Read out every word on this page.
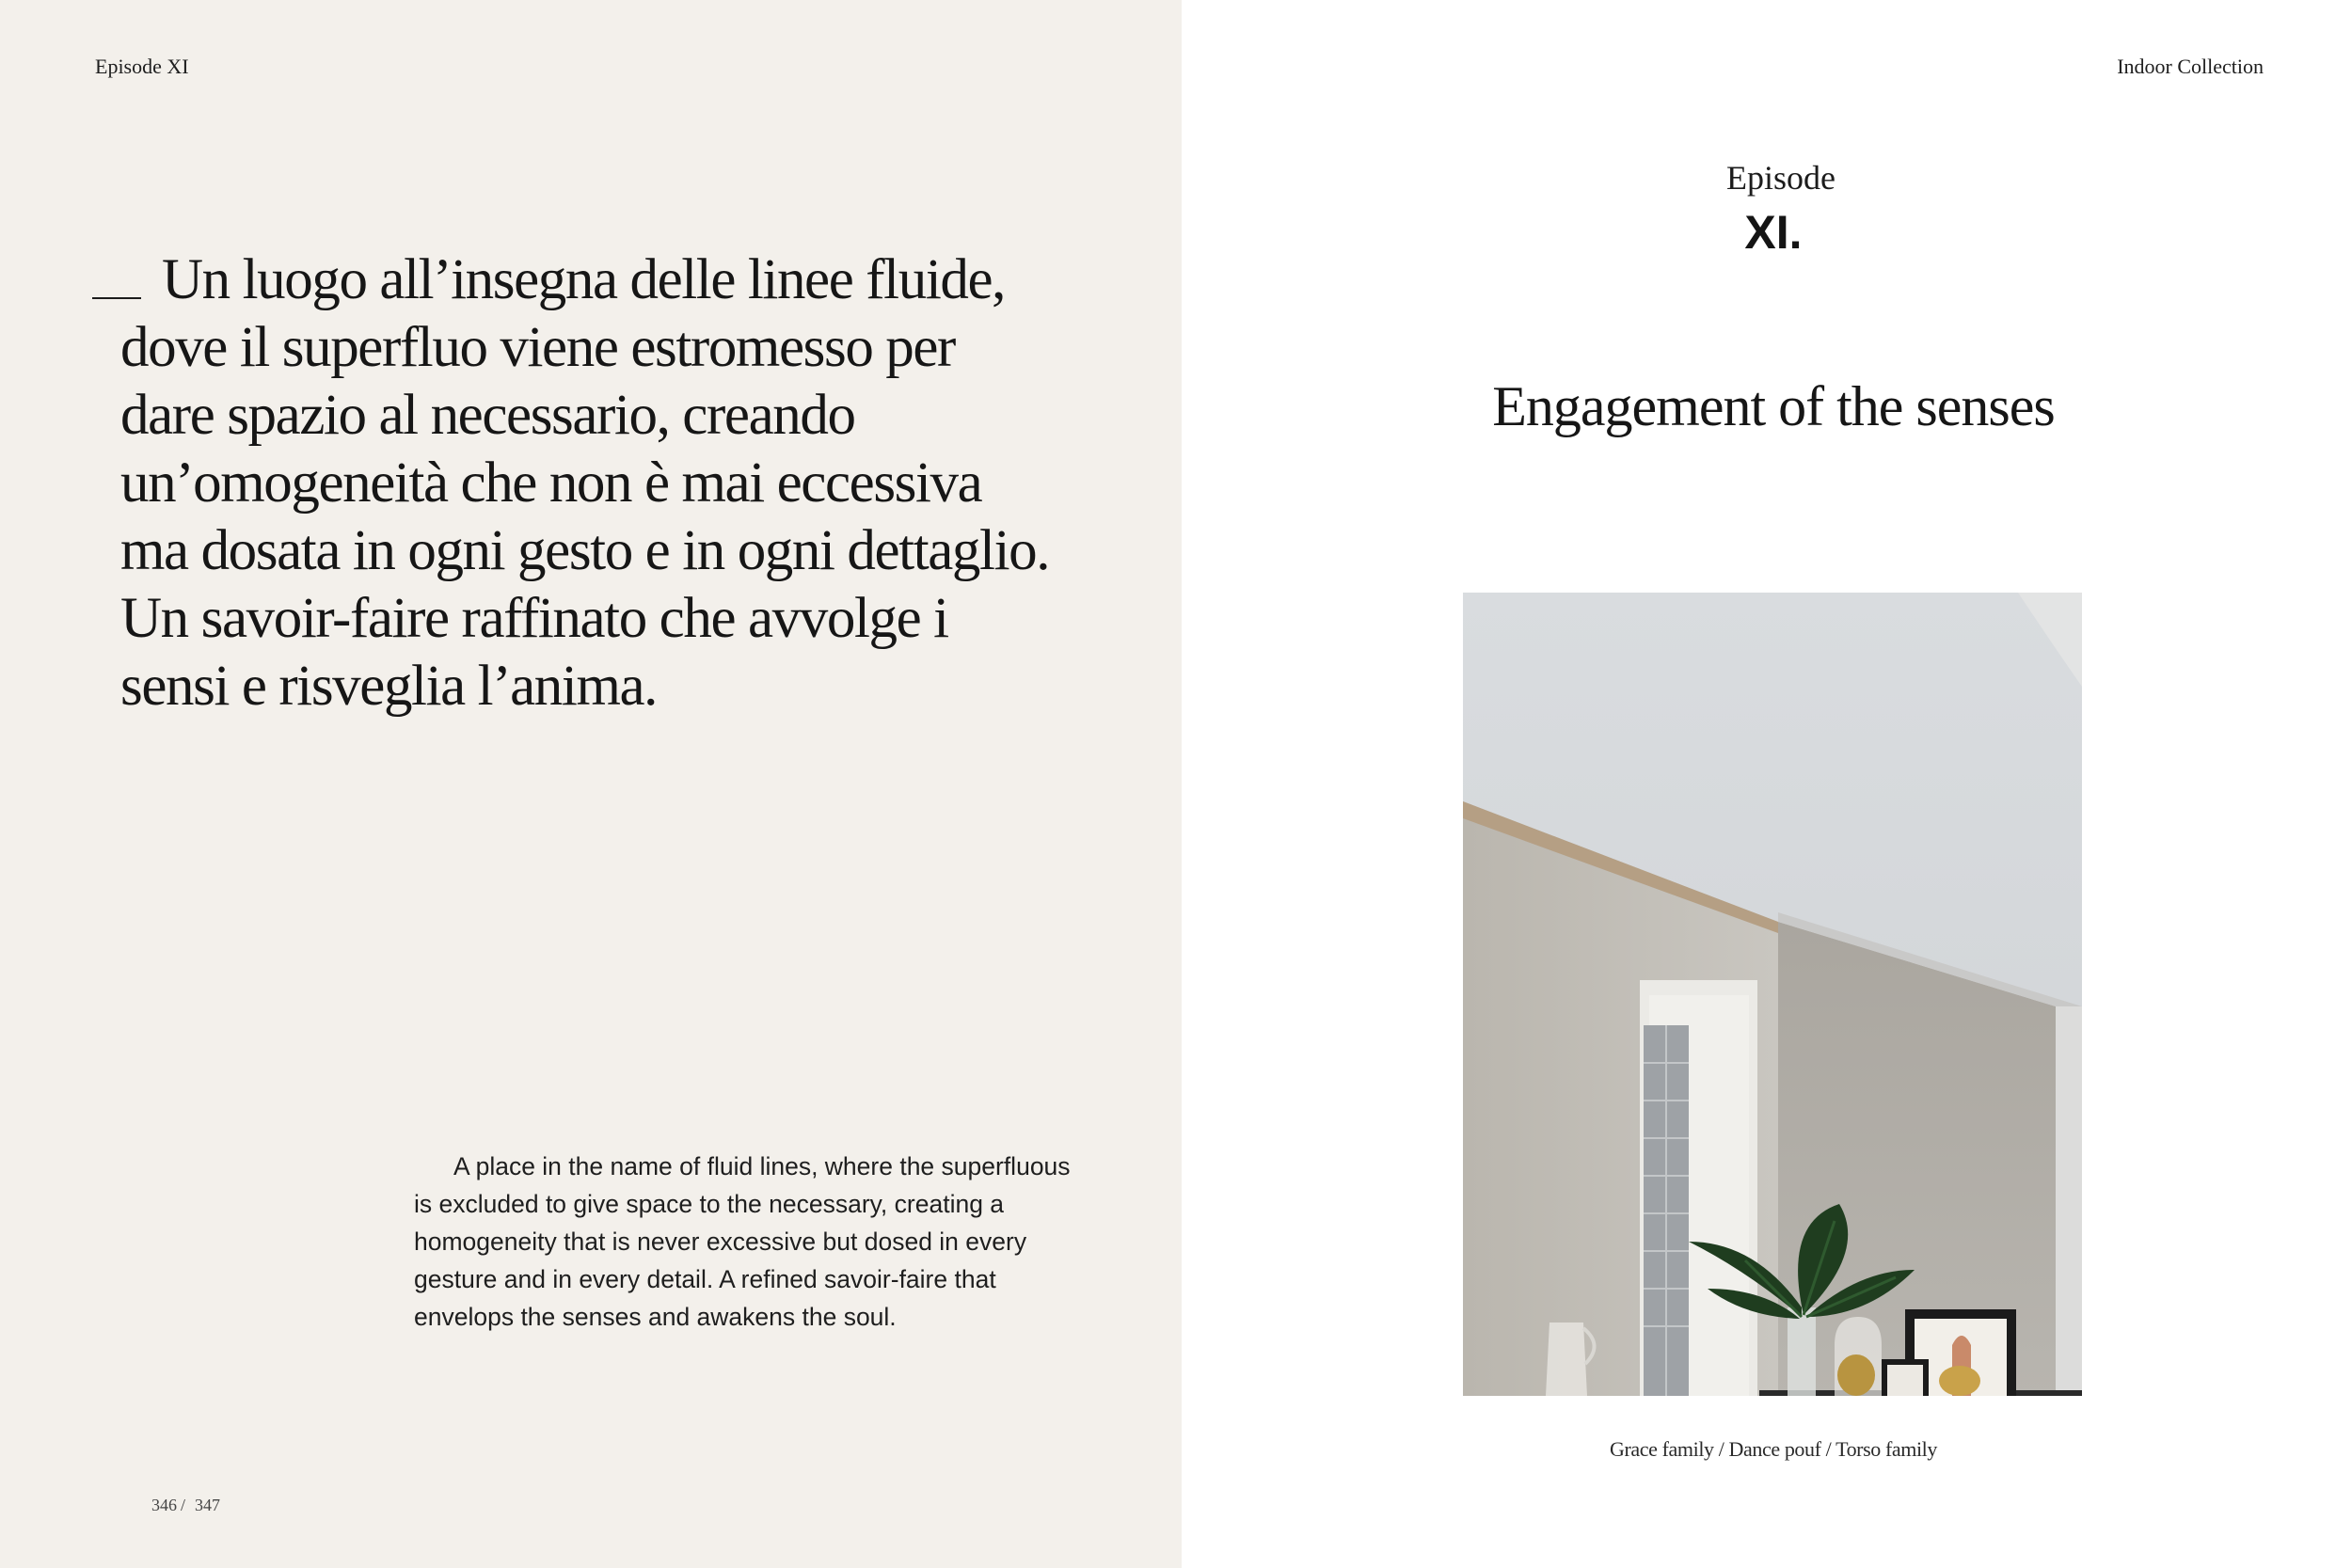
Episode XI

Un luogo all’insegna delle linee fluide, dove il superfluo viene estromesso per dare spazio al necessario, creando un’omogeneità che non è mai eccessiva ma dosata in ogni gesto e in ogni dettaglio. Un savoir-faire raffinato che avvolge i sensi e risveglia l’anima.

A place in the name of fluid lines, where the superfluous is excluded to give space to the necessary, creating a homogeneity that is never excessive but dosed in every gesture and in every detail. A refined savoir-faire that envelops the senses and awakens the soul.

346 / 347
Indoor Collection
Episode
XI.
Engagement of the senses
Grace family / Dance pouf / Torso family
